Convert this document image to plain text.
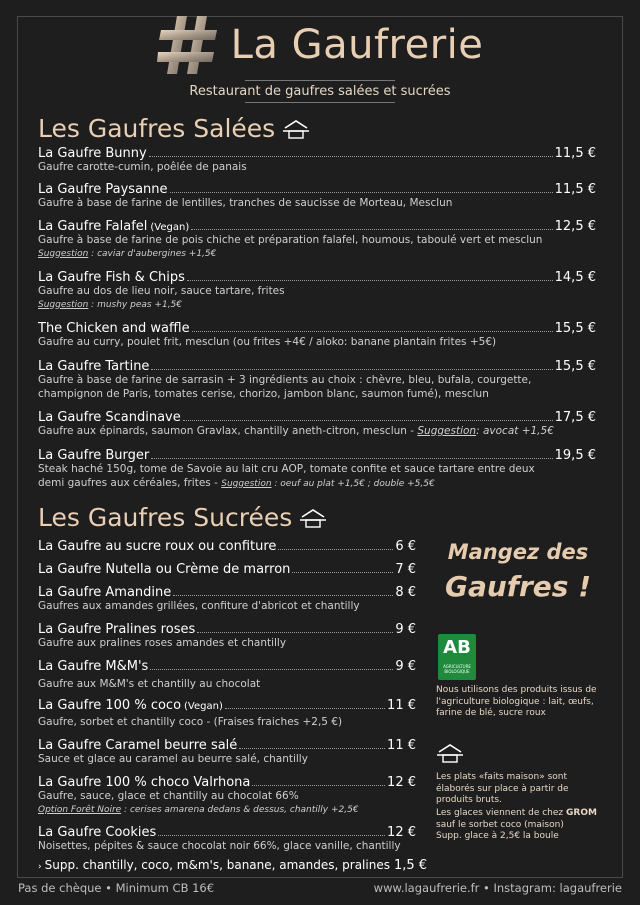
La Gaufrerie
Restaurant de gaufres salées et sucrées
Les Gaufres Salées
La Gaufre Bunny	11,5 €
Gaufre carotte-cumin, poêlée de panais
La Gaufre Paysanne	11,5 €
Gaufre à base de farine de lentilles, tranches de saucisse de Morteau, Mesclun
La Gaufre Falafel (Vegan)	12,5 €
Gaufre à base de farine de pois chiche et préparation falafel, houmous, taboulé vert et mesclun
Suggestion : caviar d'aubergines +1,5€
La Gaufre Fish & Chips	14,5 €
Gaufre au dos de lieu noir, sauce tartare, frites
Suggestion : mushy peas +1,5€
The Chicken and waffle	15,5 €
Gaufre au curry, poulet frit, mesclun (ou frites +4€ / aloko: banane plantain frites +5€)
La Gaufre Tartine	15,5 €
Gaufre à base de farine de sarrasin + 3 ingrédients au choix : chèvre, bleu, bufala, courgette,
champignon de Paris, tomates cerise, chorizo, jambon blanc, saumon fumé), mesclun
La Gaufre Scandinave	17,5 €
Gaufre aux épinards, saumon Gravlax, chantilly aneth-citron, mesclun - Suggestion: avocat +1,5€
La Gaufre Burger	19,5 €
Steak haché 150g, tome de Savoie au lait cru AOP, tomate confite et sauce tartare entre deux
demi gaufres aux céréales, frites - Suggestion : oeuf au plat +1,5€ ; double +5,5€
Les Gaufres Sucrées
La Gaufre au sucre roux ou confiture	6 €
La Gaufre Nutella ou Crème de marron	7 €
La Gaufre Amandine	8 €
Gaufres aux amandes grillées, confiture d'abricot et chantilly
La Gaufre Pralines roses	9 €
Gaufre aux pralines roses amandes et chantilly
La Gaufre M&M's	9 €
Gaufre aux M&M's et chantilly au chocolat
La Gaufre 100 % coco (Vegan)	11 €
Gaufre, sorbet et chantilly coco - (Fraises fraiches +2,5 €)
La Gaufre Caramel beurre salé	11 €
Sauce et glace au caramel au beurre salé, chantilly
La Gaufre 100 % choco Valrhona	12 €
Gaufre, sauce, glace et chantilly au chocolat 66%
Option Forêt Noire : cerises amarena dedans & dessus, chantilly +2,5€
La Gaufre Cookies	12 €
Noisettes, pépites & sauce chocolat noir 66%, glace vanille, chantilly
› Supp. chantilly, coco, m&m's, banane, amandes, pralines 1,5 €
Mangez des
Gaufres !
AB
AGRICULTURE BIOLOGIQUE
Nous utilisons des produits issus de l'agriculture biologique : lait, œufs, farine de blé, sucre roux
Les plats «faits maison» sont élaborés sur place à partir de produits bruts.
Les glaces viennent de chez GROM sauf le sorbet coco (maison)
Supp. glace à 2,5€ la boule
Pas de chèque • Minimum CB 16€	www.lagaufrerie.fr • Instagram: lagaufrerie
